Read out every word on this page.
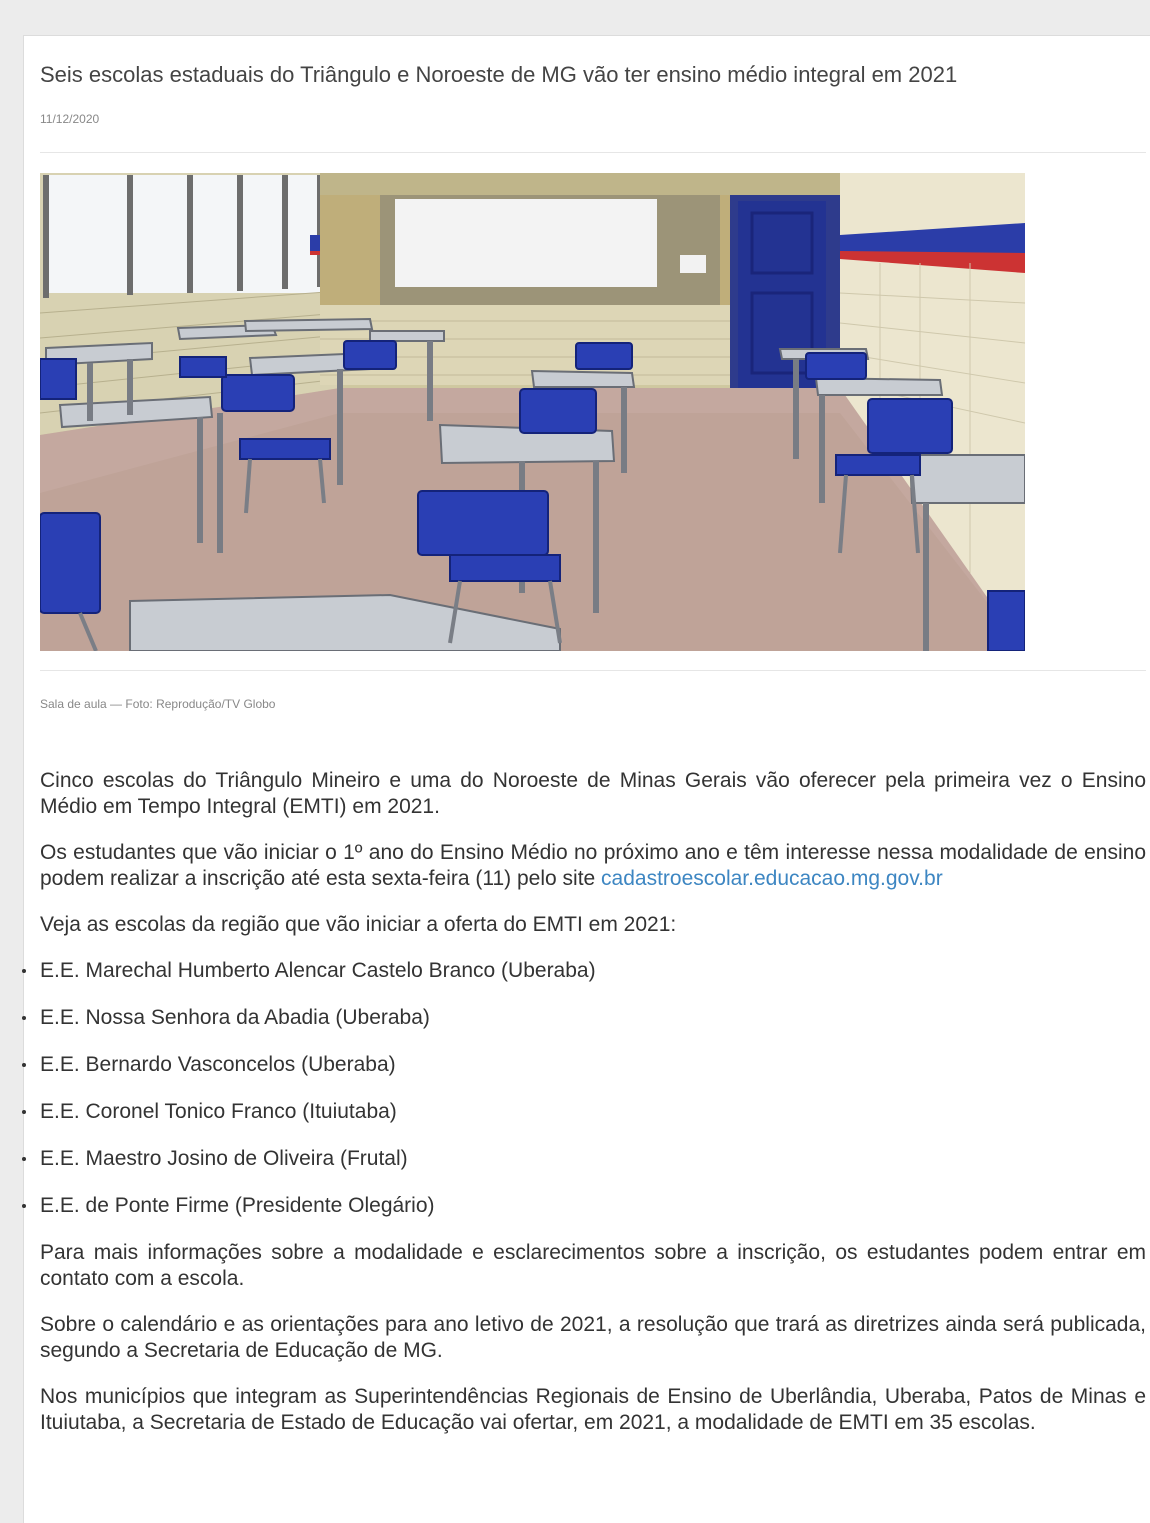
Seis escolas estaduais do Triângulo e Noroeste de MG vão ter ensino médio integral em 2021
11/12/2020
Sala de aula — Foto: Reprodução/TV Globo

Cinco escolas do Triângulo Mineiro e uma do Noroeste de Minas Gerais vão oferecer pela primeira vez o Ensino Médio em Tempo Integral (EMTI) em 2021.

Os estudantes que vão iniciar o 1º ano do Ensino Médio no próximo ano e têm interesse nessa modalidade de ensino podem realizar a inscrição até esta sexta-feira (11) pelo site cadastroescolar.educacao.mg.gov.br

Veja as escolas da região que vão iniciar a oferta do EMTI em 2021:

E.E. Marechal Humberto Alencar Castelo Branco (Uberaba)
E.E. Nossa Senhora da Abadia (Uberaba)
E.E. Bernardo Vasconcelos (Uberaba)
E.E. Coronel Tonico Franco (Ituiutaba)
E.E. Maestro Josino de Oliveira (Frutal)
E.E. de Ponte Firme (Presidente Olegário)

Para mais informações sobre a modalidade e esclarecimentos sobre a inscrição, os estudantes podem entrar em contato com a escola.

Sobre o calendário e as orientações para ano letivo de 2021, a resolução que trará as diretrizes ainda será publicada, segundo a Secretaria de Educação de MG.

Nos municípios que integram as Superintendências Regionais de Ensino de Uberlândia, Uberaba, Patos de Minas e Ituiutaba, a Secretaria de Estado de Educação vai ofertar, em 2021, a modalidade de EMTI em 35 escolas.
